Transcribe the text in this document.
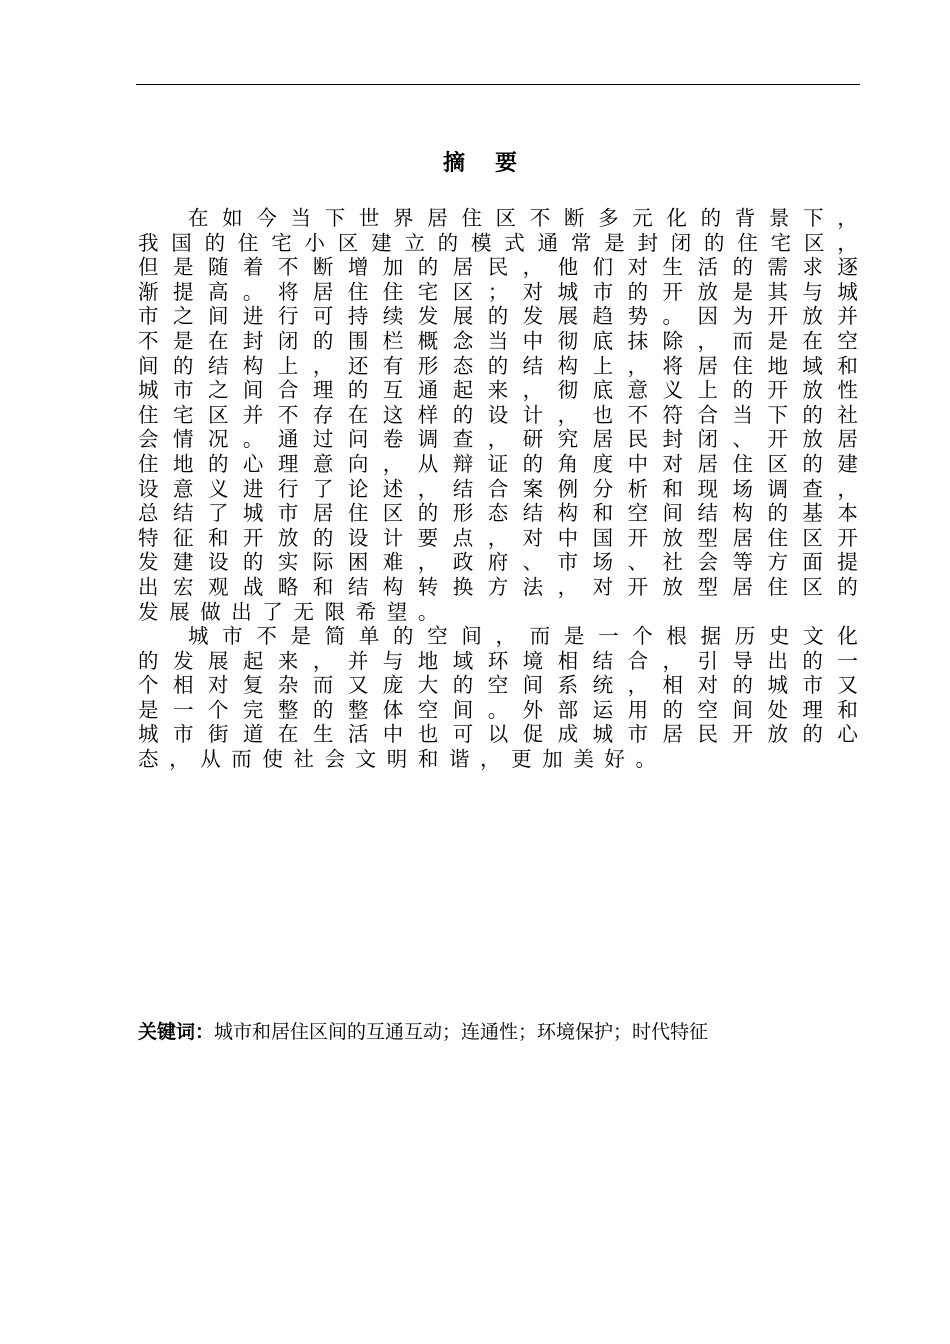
摘要
在 如 今 当 下 世 界 居 住 区 不 断 多 元 化 的 背 景 下 ，
我 国 的 住 宅 小 区 建 立 的 模 式 通 常 是 封 闭 的 住 宅 区 ，
但 是 随 着 不 断 增 加 的 居 民 ， 他 们 对 生 活 的 需 求 逐
渐 提 高 。 将 居 住 住 宅 区 ； 对 城 市 的 开 放 是 其 与 城
市 之 间 进 行 可 持 续 发 展 的 发 展 趋 势 。 因 为 开 放 并
不 是 在 封 闭 的 围 栏 概 念 当 中 彻 底 抹 除 ， 而 是 在 空
间 的 结 构 上 ， 还 有 形 态 的 结 构 上 ， 将 居 住 地 域 和
城 市 之 间 合 理 的 互 通 起 来 ， 彻 底 意 义 上 的 开 放 性
住 宅 区 并 不 存 在 这 样 的 设 计 ， 也 不 符 合 当 下 的 社
会 情 况 。 通 过 问 卷 调 查 ， 研 究 居 民 封 闭 、 开 放 居
住 地 的 心 理 意 向 ， 从 辩 证 的 角 度 中 对 居 住 区 的 建
设 意 义 进 行 了 论 述 ， 结 合 案 例 分 析 和 现 场 调 查 ，
总 结 了 城 市 居 住 区 的 形 态 结 构 和 空 间 结 构 的 基 本
特 征 和 开 放 的 设 计 要 点 ， 对 中 国 开 放 型 居 住 区 开
发 建 设 的 实 际 困 难 ， 政 府 、 市 场 、 社 会 等 方 面 提
出 宏 观 战 略 和 结 构 转 换 方 法 ， 对 开 放 型 居 住 区 的
发 展 做 出 了 无 限 希 望 。
城 市 不 是 简 单 的 空 间 ， 而 是 一 个 根 据 历 史 文 化
的 发 展 起 来 ， 并 与 地 域 环 境 相 结 合 ， 引 导 出 的 一
个 相 对 复 杂 而 又 庞 大 的 空 间 系 统 ， 相 对 的 城 市 又
是 一 个 完 整 的 整 体 空 间 。 外 部 运 用 的 空 间 处 理 和
城 市 街 道 在 生 活 中 也 可 以 促 成 城 市 居 民 开 放 的 心
态 ， 从 而 使 社 会 文 明 和 谐 ， 更 加 美 好 。
关键词：城市和居住区间的互通互动；连通性；环境保护；时代特征
